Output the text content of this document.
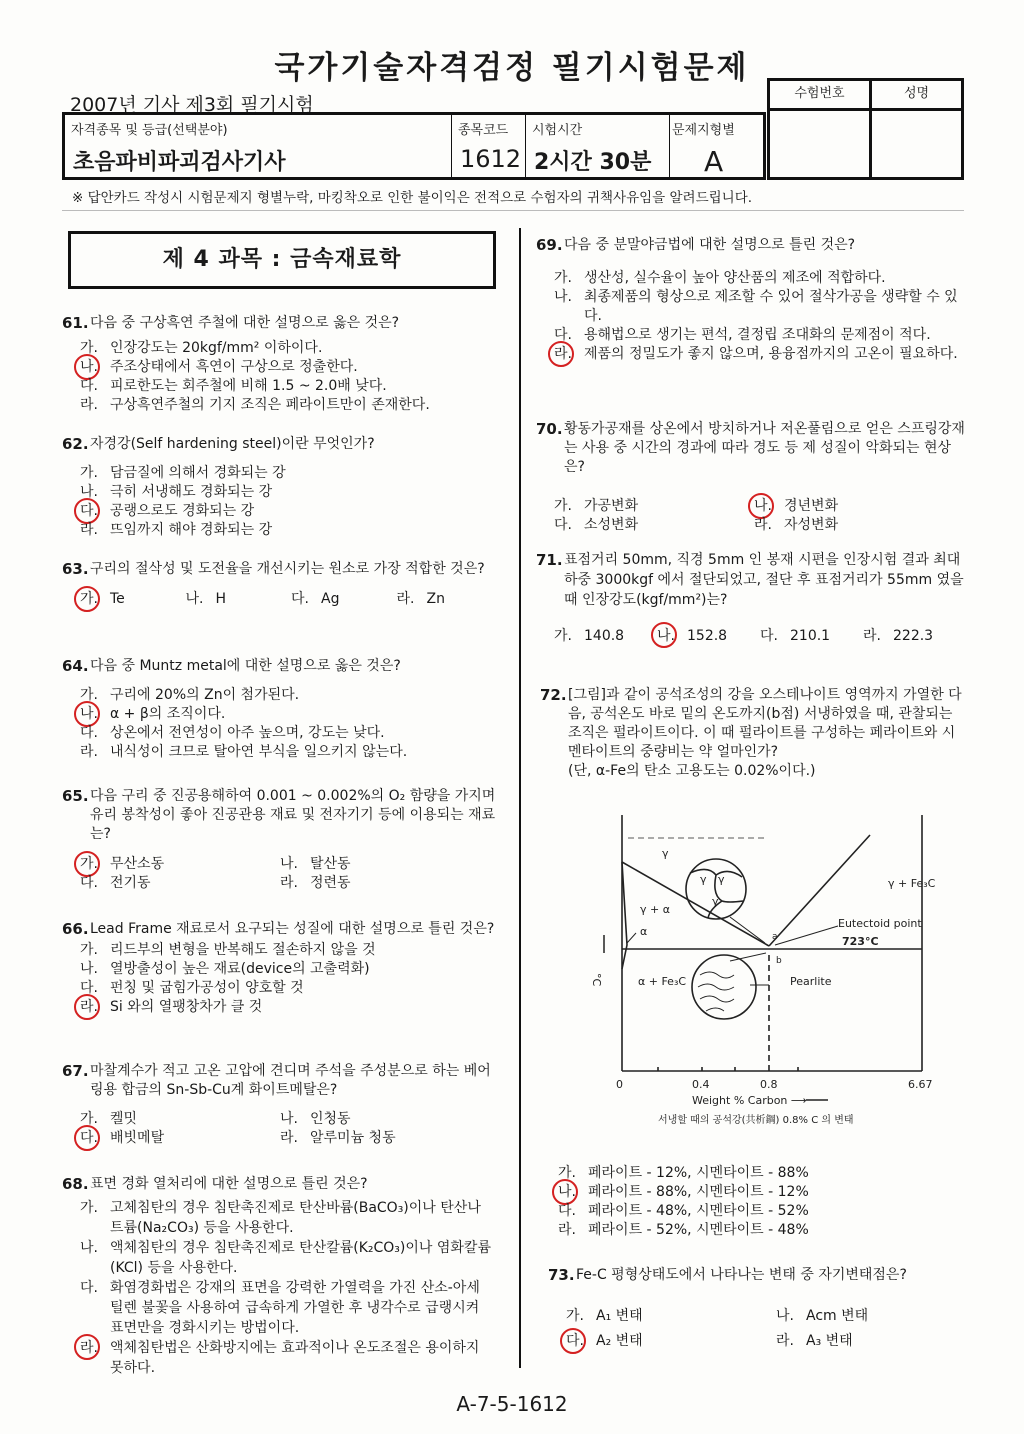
국가기술자격검정 필기시험문제
2007년 기사 제3회 필기시험
자격종목 및 등급(선택분야)
초음파비파괴검사기사
종목코드
1612
시험시간
2시간 30분
문제지형별
A
수험번호	성명
※ 답안카드 작성시 시험문제지 형별누락, 마킹착오로 인한 불이익은 전적으로 수험자의 귀책사유임을 알려드립니다.
제 4 과목 : 금속재료학
61. 다음 중 구상흑연 주철에 대한 설명으로 옳은 것은?
가. 인장강도는 20kgf/mm² 이하이다.
나. 주조상태에서 흑연이 구상으로 정출한다.
다. 피로한도는 회주철에 비해 1.5 ~ 2.0배 낮다.
라. 구상흑연주철의 기지 조직은 페라이트만이 존재한다.
62. 자경강(Self hardening steel)이란 무엇인가?
가. 담금질에 의해서 경화되는 강
나. 극히 서냉해도 경화되는 강
다. 공랭으로도 경화되는 강
라. 뜨임까지 해야 경화되는 강
63. 구리의 절삭성 및 도전율을 개선시키는 원소로 가장 적합한 것은?
가. Te	나. H	다. Ag	라. Zn
64. 다음 중 Muntz metal에 대한 설명으로 옳은 것은?
가. 구리에 20%의 Zn이 첨가된다.
나. α + β의 조직이다.
다. 상온에서 전연성이 아주 높으며, 강도는 낮다.
라. 내식성이 크므로 탈아연 부식을 일으키지 않는다.
65. 다음 구리 중 진공용해하여 0.001 ~ 0.002%의 O₂ 함량을 가지며 유리 봉착성이 좋아 진공관용 재료 및 전자기기 등에 이용되는 재료는?
가. 무산소동	나. 탈산동
다. 전기동	라. 정련동
66. Lead Frame 재료로서 요구되는 성질에 대한 설명으로 틀린 것은?
가. 리드부의 변형을 반복해도 절손하지 않을 것
나. 열방출성이 높은 재료(device의 고출력화)
다. 펀칭 및 굽힘가공성이 양호할 것
라. Si 와의 열팽창차가 클 것
67. 마찰계수가 적고 고온 고압에 견디며 주석을 주성분으로 하는 베어링용 합금의 Sn-Sb-Cu계 화이트메탈은?
가. 켈밋	나. 인청동
다. 배빗메탈	라. 알루미늄 청동
68. 표면 경화 열처리에 대한 설명으로 틀린 것은?
가. 고체침탄의 경우 침탄촉진제로 탄산바륨(BaCO₃)이나 탄산나트륨(Na₂CO₃) 등을 사용한다.
나. 액체침탄의 경우 침탄촉진제로 탄산칼륨(K₂CO₃)이나 염화칼륨(KCl) 등을 사용한다.
다. 화염경화법은 강재의 표면을 강력한 가열력을 가진 산소-아세틸렌 불꽃을 사용하여 급속하게 가열한 후 냉각수로 급랭시켜 표면만을 경화시키는 방법이다.
라. 액체침탄법은 산화방지에는 효과적이나 온도조절은 용이하지 못하다.
69. 다음 중 분말야금법에 대한 설명으로 틀린 것은?
가. 생산성, 실수율이 높아 양산품의 제조에 적합하다.
나. 최종제품의 형상으로 제조할 수 있어 절삭가공을 생략할 수 있다.
다. 용해법으로 생기는 편석, 결정립 조대화의 문제점이 적다.
라. 제품의 정밀도가 좋지 않으며, 용융점까지의 고온이 필요하다.
70. 황동가공재를 상온에서 방치하거나 저온풀림으로 얻은 스프링강재는 사용 중 시간의 경과에 따라 경도 등 제 성질이 악화되는 현상은?
가. 가공변화	나. 경년변화
다. 소성변화	라. 자성변화
71. 표점거리 50mm, 직경 5mm 인 봉재 시편을 인장시험 결과 최대하중 3000kgf 에서 절단되었고, 절단 후 표점거리가 55mm 였을 때 인장강도(kgf/mm²)는?
가. 140.8	나. 152.8	다. 210.1	라. 222.3
72. [그림]과 같이 공석조성의 강을 오스테나이트 영역까지 가열한 다음, 공석온도 바로 밑의 온도까지(b점) 서냉하였을 때, 관찰되는 조직은 펄라이트이다. 이 때 펄라이트를 구성하는 페라이트와 시멘타이트의 중량비는 약 얼마인가?
(단, α-Fe의 탄소 고용도는 0.02%이다.)
γ
γ + α
α
α + Fe₃C
γ + Fe₃C
γ γ
γ
Eutectoid point
723°C
Pearlite
a
b
°C
0	0.4	0.8	6.67
Weight % Carbon ⟶
서냉할 때의 공석강(共析鋼) 0.8% C 의 변태
가. 페라이트 - 12%, 시멘타이트 - 88%
나. 페라이트 - 88%, 시멘타이트 - 12%
다. 페라이트 - 48%, 시멘타이트 - 52%
라. 페라이트 - 52%, 시멘타이트 - 48%
73. Fe-C 평형상태도에서 나타나는 변태 중 자기변태점은?
가. A₁ 변태	나. Acm 변태
다. A₂ 변태	라. A₃ 변태
A-7-5-1612
